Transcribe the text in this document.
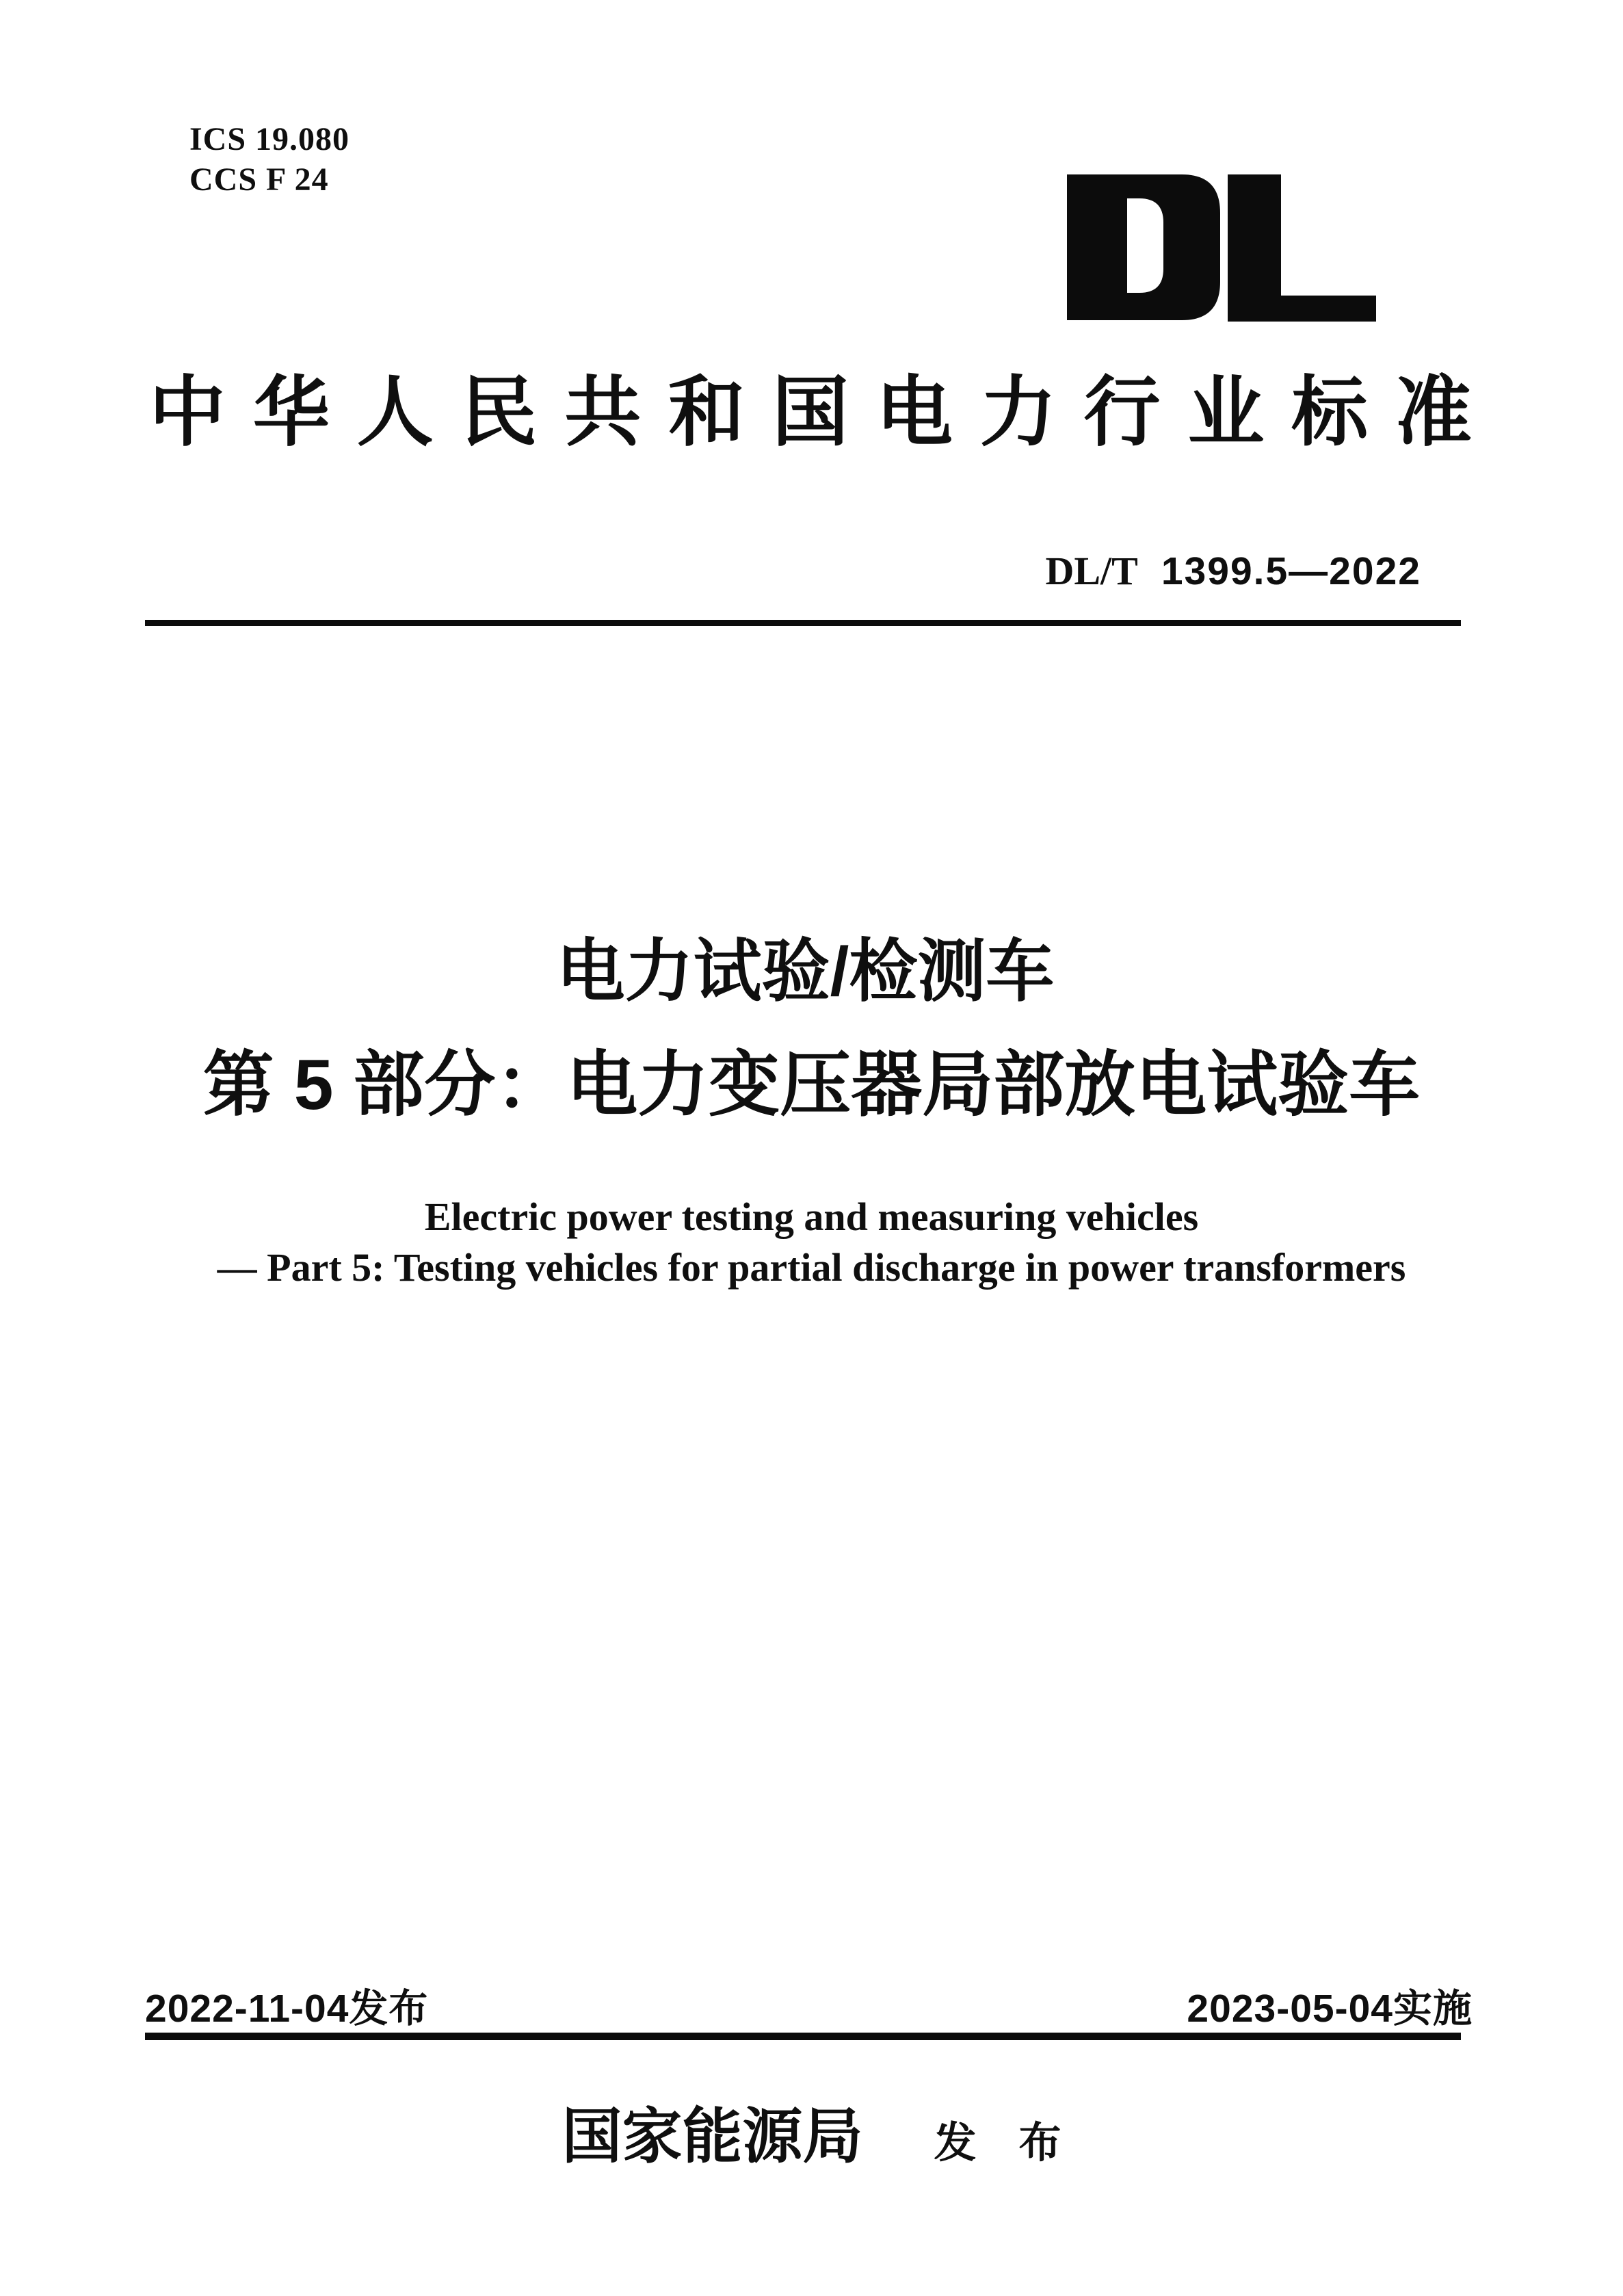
ICS 19.080
CCS F 24
中华人民共和国电力行业标准
DL/T 1399.5—2022
电力试验/检测车
第 5 部分：电力变压器局部放电试验车
Electric power testing and measuring vehicles
— Part 5: Testing vehicles for partial discharge in power transformers
2022-11-04发布	2023-05-04实施
国家能源局 发布
